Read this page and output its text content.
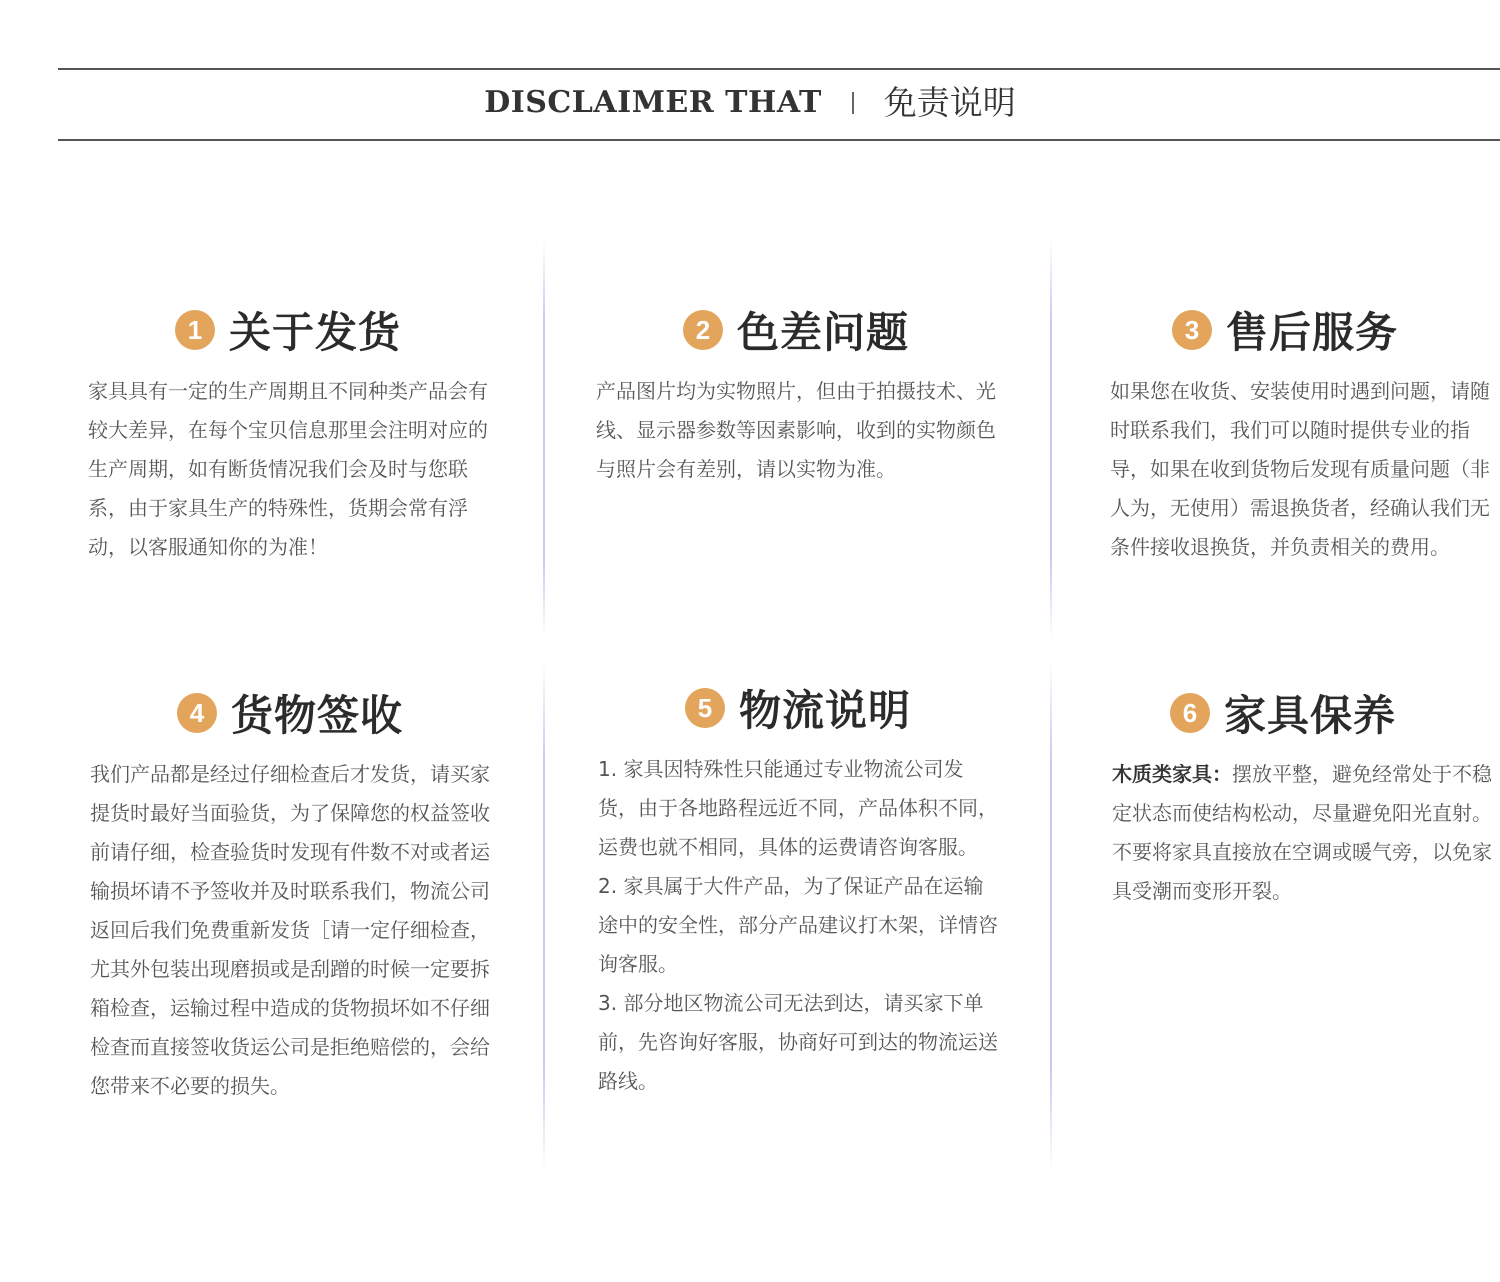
DISCLAIMER THAT 免责说明
1 关于发货

家具具有一定的生产周期且不同种类产品会有较大差异，在每个宝贝信息那里会注明对应的生产周期，如有断货情况我们会及时与您联系，由于家具生产的特殊性，货期会常有浮动，以客服通知你的为准！

2 色差问题

产品图片均为实物照片，但由于拍摄技术、光线、显示器参数等因素影响，收到的实物颜色与照片会有差别，请以实物为准。

3 售后服务

如果您在收货、安装使用时遇到问题，请随时联系我们，我们可以随时提供专业的指导，如果在收到货物后发现有质量问题（非人为，无使用）需退换货者，经确认我们无条件接收退换货，并负责相关的费用。

4 货物签收

我们产品都是经过仔细检查后才发货，请买家提货时最好当面验货，为了保障您的权益签收前请仔细，检查验货时发现有件数不对或者运输损坏请不予签收并及时联系我们，物流公司返回后我们免费重新发货［请一定仔细检查，尤其外包装出现磨损或是刮蹭的时候一定要拆箱检查，运输过程中造成的货物损坏如不仔细检查而直接签收货运公司是拒绝赔偿的，会给您带来不必要的损失。

5 物流说明

1. 家具因特殊性只能通过专业物流公司发货，由于各地路程远近不同，产品体积不同，运费也就不相同，具体的运费请咨询客服。

2. 家具属于大件产品，为了保证产品在运输途中的安全性，部分产品建议打木架，详情咨询客服。

3. 部分地区物流公司无法到达，请买家下单前，先咨询好客服，协商好可到达的物流运送路线。

6 家具保养

木质类家具：摆放平整，避免经常处于不稳定状态而使结构松动，尽量避免阳光直射。不要将家具直接放在空调或暖气旁，以免家具受潮而变形开裂。
